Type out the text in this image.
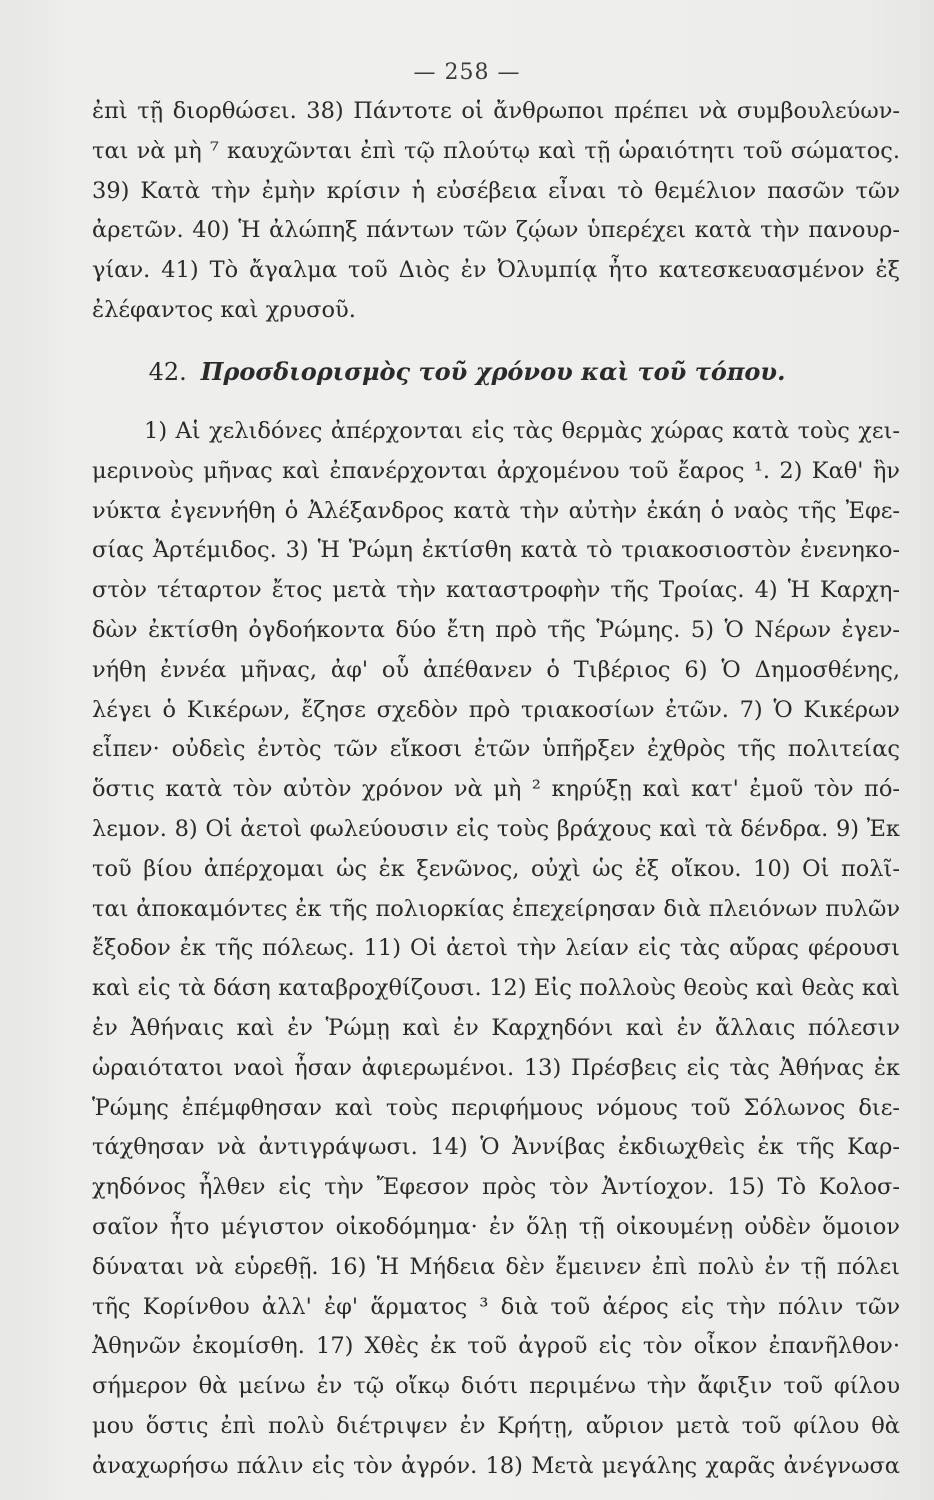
— 258 —
ἐπὶ τῇ διορθώσει. 38) Πάντοτε οἱ ἄνθρωποι πρέπει νὰ συμβουλεύων-
ται νὰ μὴ ⁷ καυχῶνται ἐπὶ τῷ πλούτῳ καὶ τῇ ὡραιότητι τοῦ σώματος.
39) Κατὰ τὴν ἐμὴν κρίσιν ἡ εὐσέβεια εἶναι τὸ θεμέλιον πασῶν τῶν
ἀρετῶν. 40) Ἡ ἀλώπηξ πάντων τῶν ζῴων ὑπερέχει κατὰ τὴν πανουρ-
γίαν. 41) Τὸ ἄγαλμα τοῦ Διὸς ἐν Ὀλυμπίᾳ ἦτο κατεσκευασμένον ἐξ
ἐλέφαντος καὶ χρυσοῦ.
42. Προσδιορισμὸς τοῦ χρόνου καὶ τοῦ τόπου.
1) Αἱ χελιδόνες ἀπέρχονται εἰς τὰς θερμὰς χώρας κατὰ τοὺς χει-
μερινοὺς μῆνας καὶ ἐπανέρχονται ἀρχομένου τοῦ ἔαρος ¹. 2) Καθ' ἣν
νύκτα ἐγεννήθη ὁ Ἀλέξανδρος κατὰ τὴν αὐτὴν ἐκάη ὁ ναὸς τῆς Ἐφε-
σίας Ἀρτέμιδος. 3) Ἡ Ῥώμη ἐκτίσθη κατὰ τὸ τριακοσιοστὸν ἐνενηκο-
στὸν τέταρτον ἔτος μετὰ τὴν καταστροφὴν τῆς Τροίας. 4) Ἡ Καρχη-
δὼν ἐκτίσθη ὀγδοήκοντα δύο ἔτη πρὸ τῆς Ῥώμης. 5) Ὁ Νέρων ἐγεν-
νήθη ἐννέα μῆνας, ἀφ' οὗ ἀπέθανεν ὁ Τιβέριος 6) Ὁ Δημοσθένης,
λέγει ὁ Κικέρων, ἔζησε σχεδὸν πρὸ τριακοσίων ἐτῶν. 7) Ὁ Κικέρων
εἶπεν· οὐδεὶς ἐντὸς τῶν εἴκοσι ἐτῶν ὑπῆρξεν ἐχθρὸς τῆς πολιτείας
ὅστις κατὰ τὸν αὐτὸν χρόνον νὰ μὴ ² κηρύξῃ καὶ κατ' ἐμοῦ τὸν πό-
λεμον. 8) Οἱ ἀετοὶ φωλεύουσιν εἰς τοὺς βράχους καὶ τὰ δένδρα. 9) Ἐκ
τοῦ βίου ἀπέρχομαι ὡς ἐκ ξενῶνος, οὐχὶ ὡς ἐξ οἴκου. 10) Οἱ πολῖ-
ται ἀποκαμόντες ἐκ τῆς πολιορκίας ἐπεχείρησαν διὰ πλειόνων πυλῶν
ἔξοδον ἐκ τῆς πόλεως. 11) Οἱ ἀετοὶ τὴν λείαν εἰς τὰς αὔρας φέρουσι
καὶ εἰς τὰ δάση καταβροχθίζουσι. 12) Εἰς πολλοὺς θεοὺς καὶ θεὰς καὶ
ἐν Ἀθήναις καὶ ἐν Ῥώμῃ καὶ ἐν Καρχηδόνι καὶ ἐν ἄλλαις πόλεσιν
ὡραιότατοι ναοὶ ἦσαν ἀφιερωμένοι. 13) Πρέσβεις εἰς τὰς Ἀθήνας ἐκ
Ῥώμης ἐπέμφθησαν καὶ τοὺς περιφήμους νόμους τοῦ Σόλωνος διε-
τάχθησαν νὰ ἀντιγράψωσι. 14) Ὁ Ἀννίβας ἐκδιωχθεὶς ἐκ τῆς Καρ-
χηδόνος ἦλθεν εἰς τὴν Ἔφεσον πρὸς τὸν Ἀντίοχον. 15) Τὸ Κολοσ-
σαῖον ἦτο μέγιστον οἰκοδόμημα· ἐν ὅλῃ τῇ οἰκουμένῃ οὐδὲν ὅμοιον
δύναται νὰ εὑρεθῇ. 16) Ἡ Μήδεια δὲν ἔμεινεν ἐπὶ πολὺ ἐν τῇ πόλει
τῆς Κορίνθου ἀλλ' ἐφ' ἅρματος ³ διὰ τοῦ ἀέρος εἰς τὴν πόλιν τῶν
Ἀθηνῶν ἐκομίσθη. 17) Χθὲς ἐκ τοῦ ἀγροῦ εἰς τὸν οἶκον ἐπανῆλθον·
σήμερον θὰ μείνω ἐν τῷ οἴκῳ διότι περιμένω τὴν ἄφιξιν τοῦ φίλου
μου ὅστις ἐπὶ πολὺ διέτριψεν ἐν Κρήτῃ, αὔριον μετὰ τοῦ φίλου θὰ
ἀναχωρήσω πάλιν εἰς τὸν ἀγρόν. 18) Μετὰ μεγάλης χαρᾶς ἀνέγνωσα
